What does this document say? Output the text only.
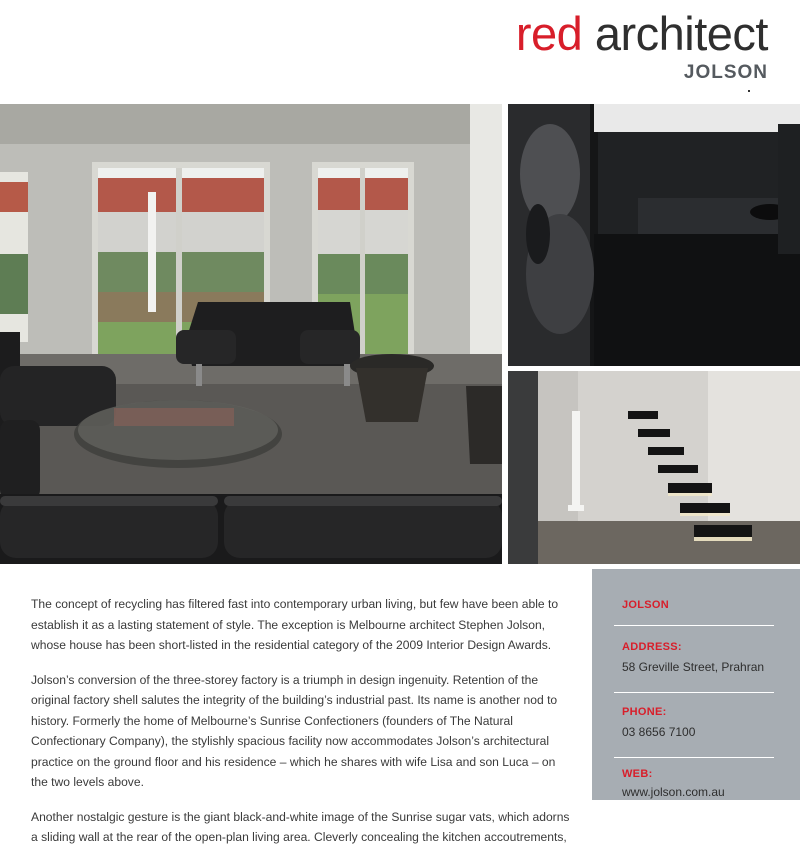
red architect
JOLSON

The concept of recycling has filtered fast into contemporary urban living, but few have been able to establish it as a lasting statement of style. The exception is Melbourne architect Stephen Jolson, whose house has been short-listed in the residential category of the 2009 Interior Design Awards.

Jolson’s conversion of the three-storey factory is a triumph in design ingenuity. Retention of the original factory shell salutes the integrity of the building’s industrial past. Its name is another nod to history. Formerly the home of Melbourne’s Sunrise Confectioners (founders of The Natural Confectionary Company), the stylishly spacious facility now accommodates Jolson’s architectural practice on the ground floor and his residence – which he shares with wife Lisa and son Luca – on the two levels above.

Another nostalgic gesture is the giant black-and-white image of the Sunrise sugar vats, which adorns a sliding wall at the rear of the open-plan living area. Cleverly concealing the kitchen accoutrements,

JOLSON
ADDRESS:
58 Greville Street, Prahran
PHONE:
03 8656 7100
WEB:
www.jolson.com.au
